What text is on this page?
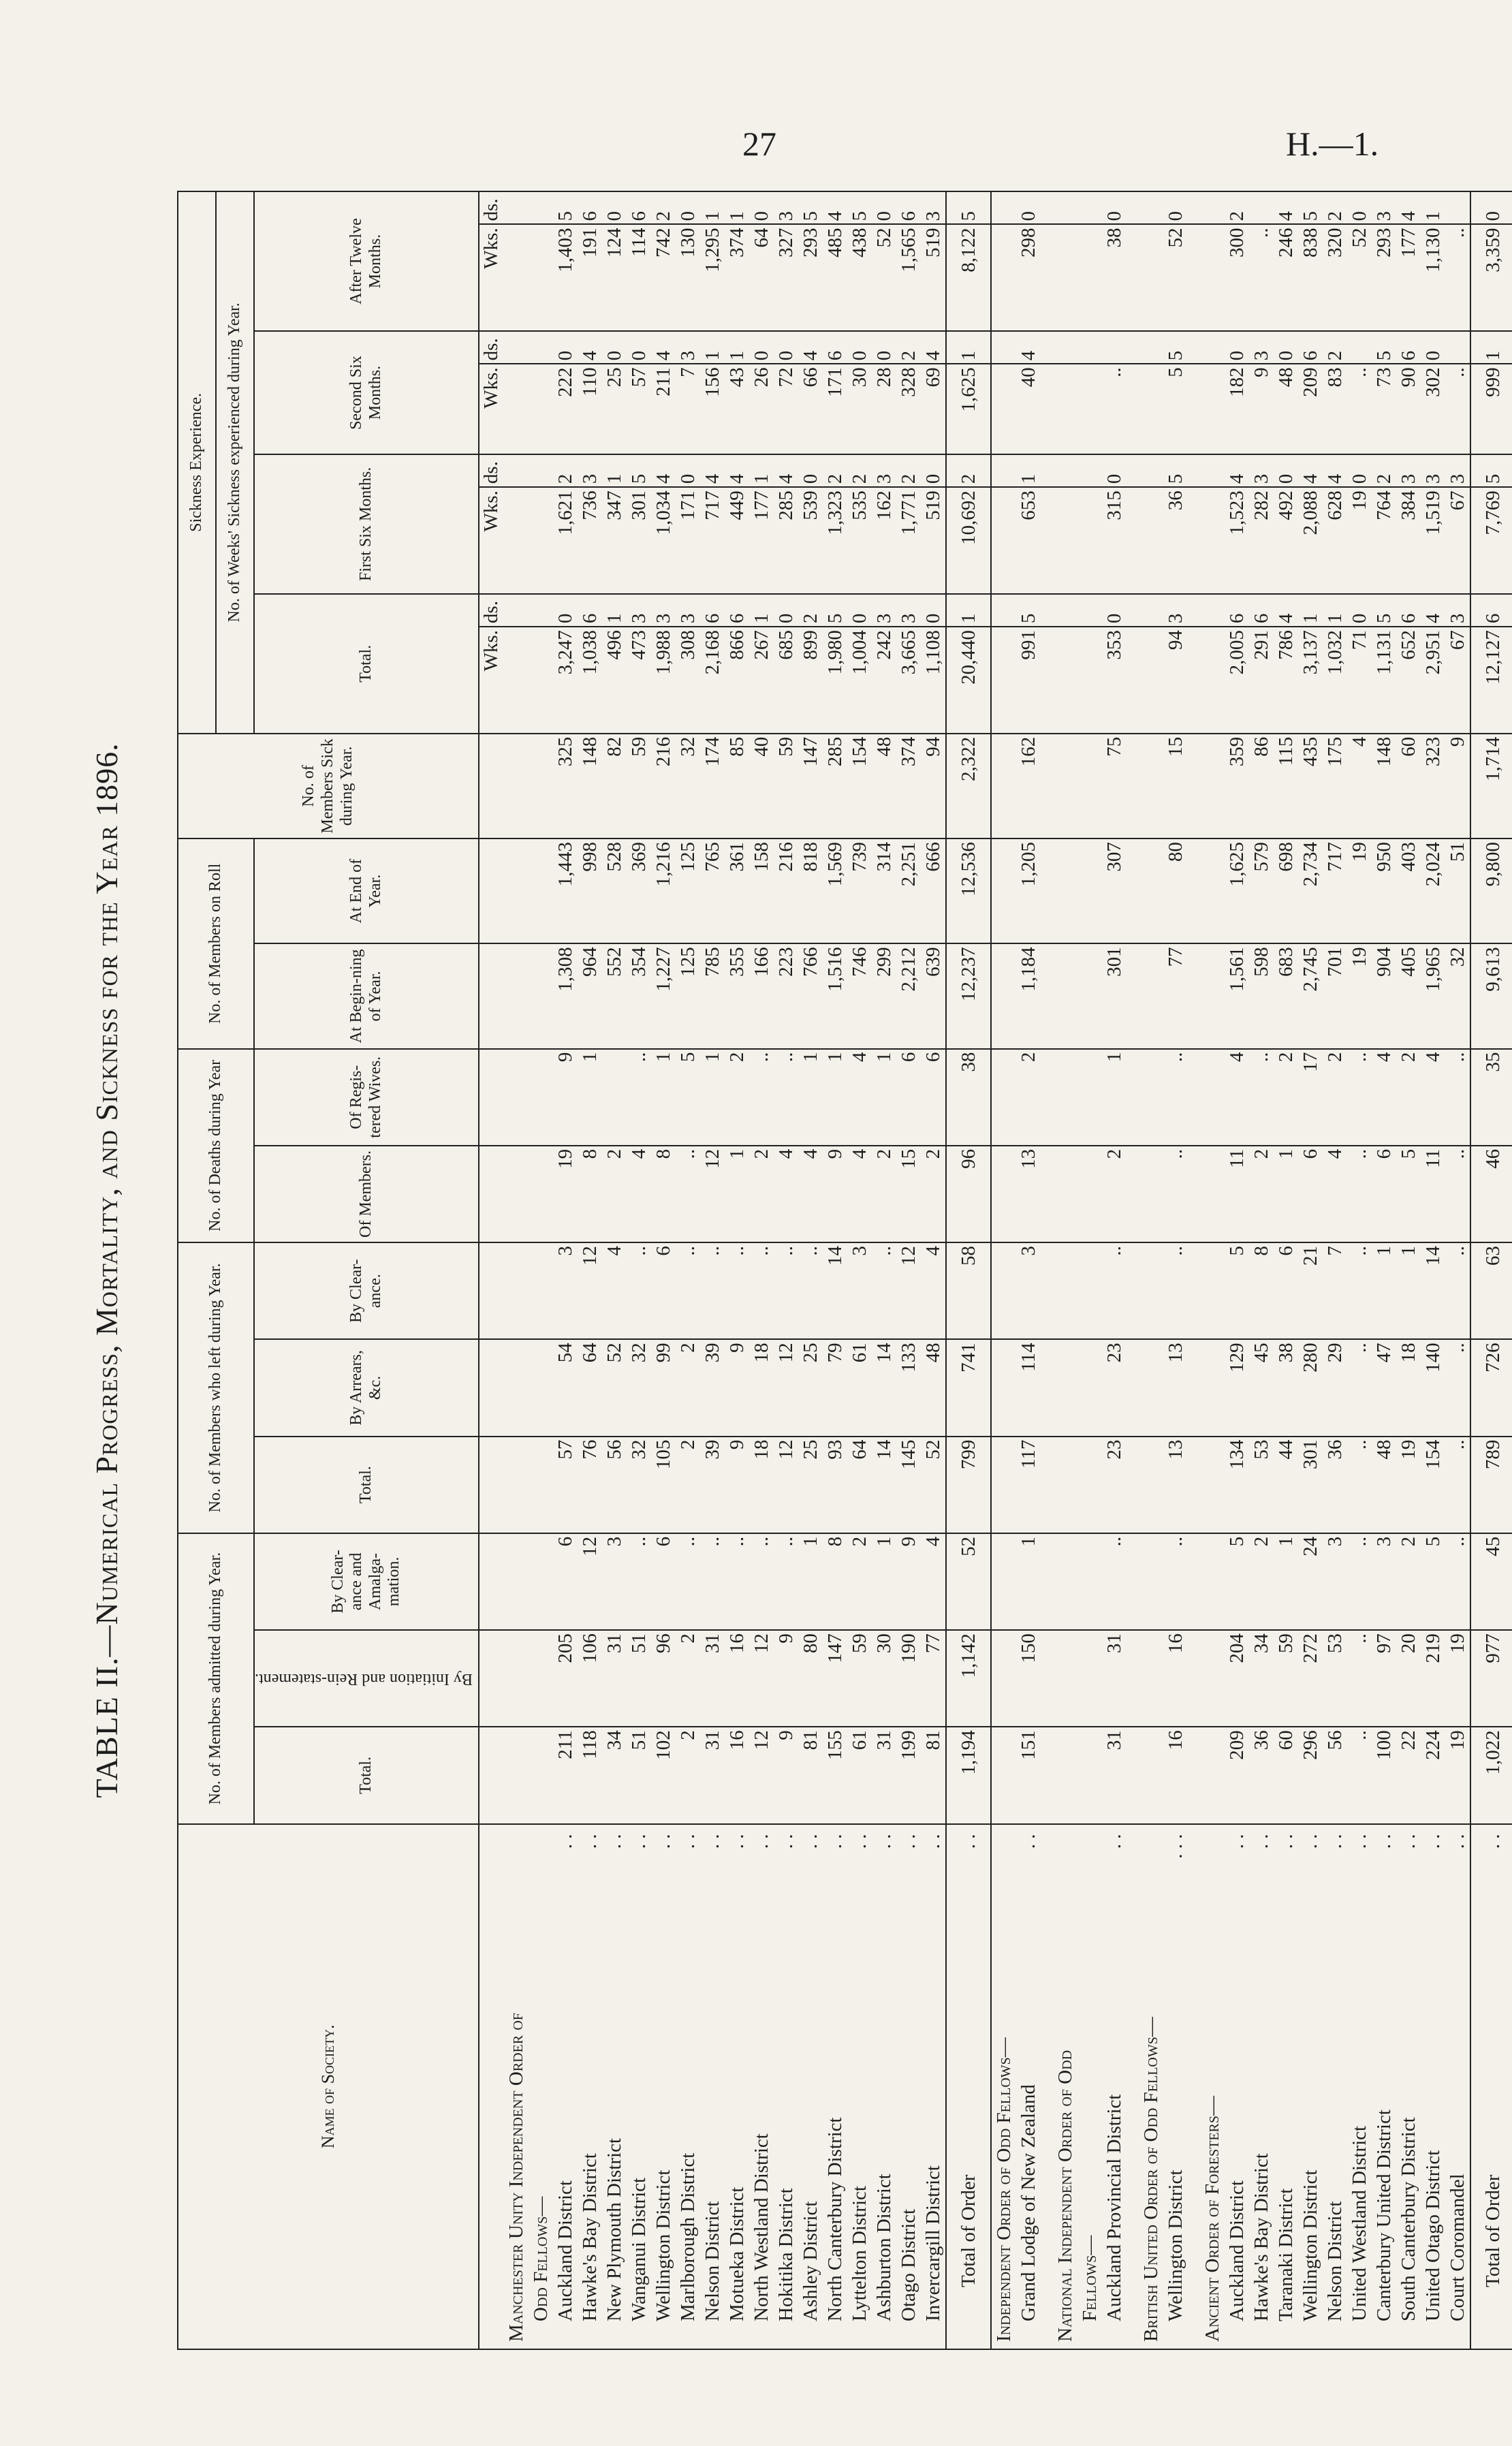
27	H.—1.
TABLE II.—Numerical Progress, Mortality, and Sickness for the Year 1896.
Name of Society.	No. of Members admitted during Year.			No. of Members who left during Year.			No. of Deaths during Year		No. of Members on Roll		No. of Members Sick during Year.	Sickness Experience.							
												No. of Weeks' Sickness experienced during Year.							
	Total.	By Initiation and Rein-statement.	By Clear-ance and Amalga-mation.	Total.	By Arrears, &c.	By Clear-ance.	Of Members.	Of Regis-tered Wives.	At Begin-ning of Year.	At End of Year.		Total.		First Six Months.		Second Six Months.		After Twelve Months.	

												Wks.	ds.	Wks.	ds.	Wks.	ds.	Wks.	ds.
Manchester Unity Independent Order of																			
Odd Fellows—																			
Auckland District
. .	211	205	6	57	54	3	19	9	1,308	1,443	325	3,247	0	1,621	2	222	0	1,403	5
Hawke's Bay District
. .	118	106	12	76	64	12	8	1	964	998	148	1,038	6	736	3	110	4	191	6
New Plymouth District
. .	34	31	3	56	52	4	2		552	528	82	496	1	347	1	25	0	124	0
Wanganui District
. .	51	51	..	32	32	..	4	..	354	369	59	473	3	301	5	57	0	114	6
Wellington District
. .	102	96	6	105	99	6	8	1	1,227	1,216	216	1,988	3	1,034	4	211	4	742	2
Marlborough District
. .	2	2	..	2	2	..	..	5	125	125	32	308	3	171	0	7	3	130	0
Nelson District
. .	31	31	..	39	39	..	12	1	785	765	174	2,168	6	717	4	156	1	1,295	1
Motueka District
. .	16	16	..	9	9	..	1	2	355	361	85	866	6	449	4	43	1	374	1
North Westland District
. .	12	12	..	18	18	..	2	..	166	158	40	267	1	177	1	26	0	64	0
Hokitika District
. .	9	9	..	12	12	..	4	..	223	216	59	685	0	285	4	72	0	327	3
Ashley District
. .	81	80	1	25	25	..	4	1	766	818	147	899	2	539	0	66	4	293	5
North Canterbury District
. .	155	147	8	93	79	14	9	1	1,516	1,569	285	1,980	5	1,323	2	171	6	485	4
Lyttelton District
. .	61	59	2	64	61	3	4	4	746	739	154	1,004	0	535	2	30	0	438	5
Ashburton District
. .	31	30	1	14	14	..	2	1	299	314	48	242	3	162	3	28	0	52	0
Otago District
. .	199	190	9	145	133	12	15	6	2,212	2,251	374	3,665	3	1,771	2	328	2	1,565	6
Invercargill District
. .	81	77	4	52	48	4	2	6	639	666	94	1,108	0	519	0	69	4	519	3
Total of Order
. .	1,194	1,142	52	799	741	58	96	38	12,237	12,536	2,322	20,440	1	10,692	2	1,625	1	8,122	5
Independent Order of Odd Fellows—																			
Grand Lodge of New Zealand
. .	151	150	1	117	114	3	13	2	1,184	1,205	162	991	5	653	1	40	4	298	0

National Independent Order of Odd																			
Fellows—																			
Auckland Provincial District
. .	31	31	..	23	23	..	2	1	301	307	75	353	0	315	0	..		38	0

British United Order of Odd Fellows—																			
Wellington District
. . .	16	16	..	13	13	..	..	..	77	80	15	94	3	36	5	5	5	52	0

Ancient Order of Foresters—																			
Auckland District
. .	209	204	5	134	129	5	11	4	1,561	1,625	359	2,005	6	1,523	4	182	0	300	2
Hawke's Bay District
. .	36	34	2	53	45	8	2	..	598	579	86	291	6	282	3	9	3	..	
Taranaki District
. .	60	59	1	44	38	6	1	2	683	698	115	786	4	492	0	48	0	246	4
Wellington District
. .	296	272	24	301	280	21	6	17	2,745	2,734	435	3,137	1	2,088	4	209	6	838	5
Nelson District
. .	56	53	3	36	29	7	4	2	701	717	175	1,032	1	628	4	83	2	320	2
United Westland District
. .	..	..	..	..	..	..	..	..	19	19	4	71	0	19	0	..		52	0
Canterbury United District
. .	100	97	3	48	47	1	6	4	904	950	148	1,131	5	764	2	73	5	293	3
South Canterbury District
. .	22	20	2	19	18	1	5	2	405	403	60	652	6	384	3	90	6	177	4
United Otago District
. .	224	219	5	154	140	14	11	4	1,965	2,024	323	2,951	4	1,519	3	302	0	1,130	1
Court Coromandel
. .	19	19	..	..	..	..	..	..	32	51	9	67	3	67	3	..		..	
Total of Order
. .	1,022	977	45	789	726	63	46	35	9,613	9,800	1,714	12,127	6	7,769	5	999	1	3,359	0
